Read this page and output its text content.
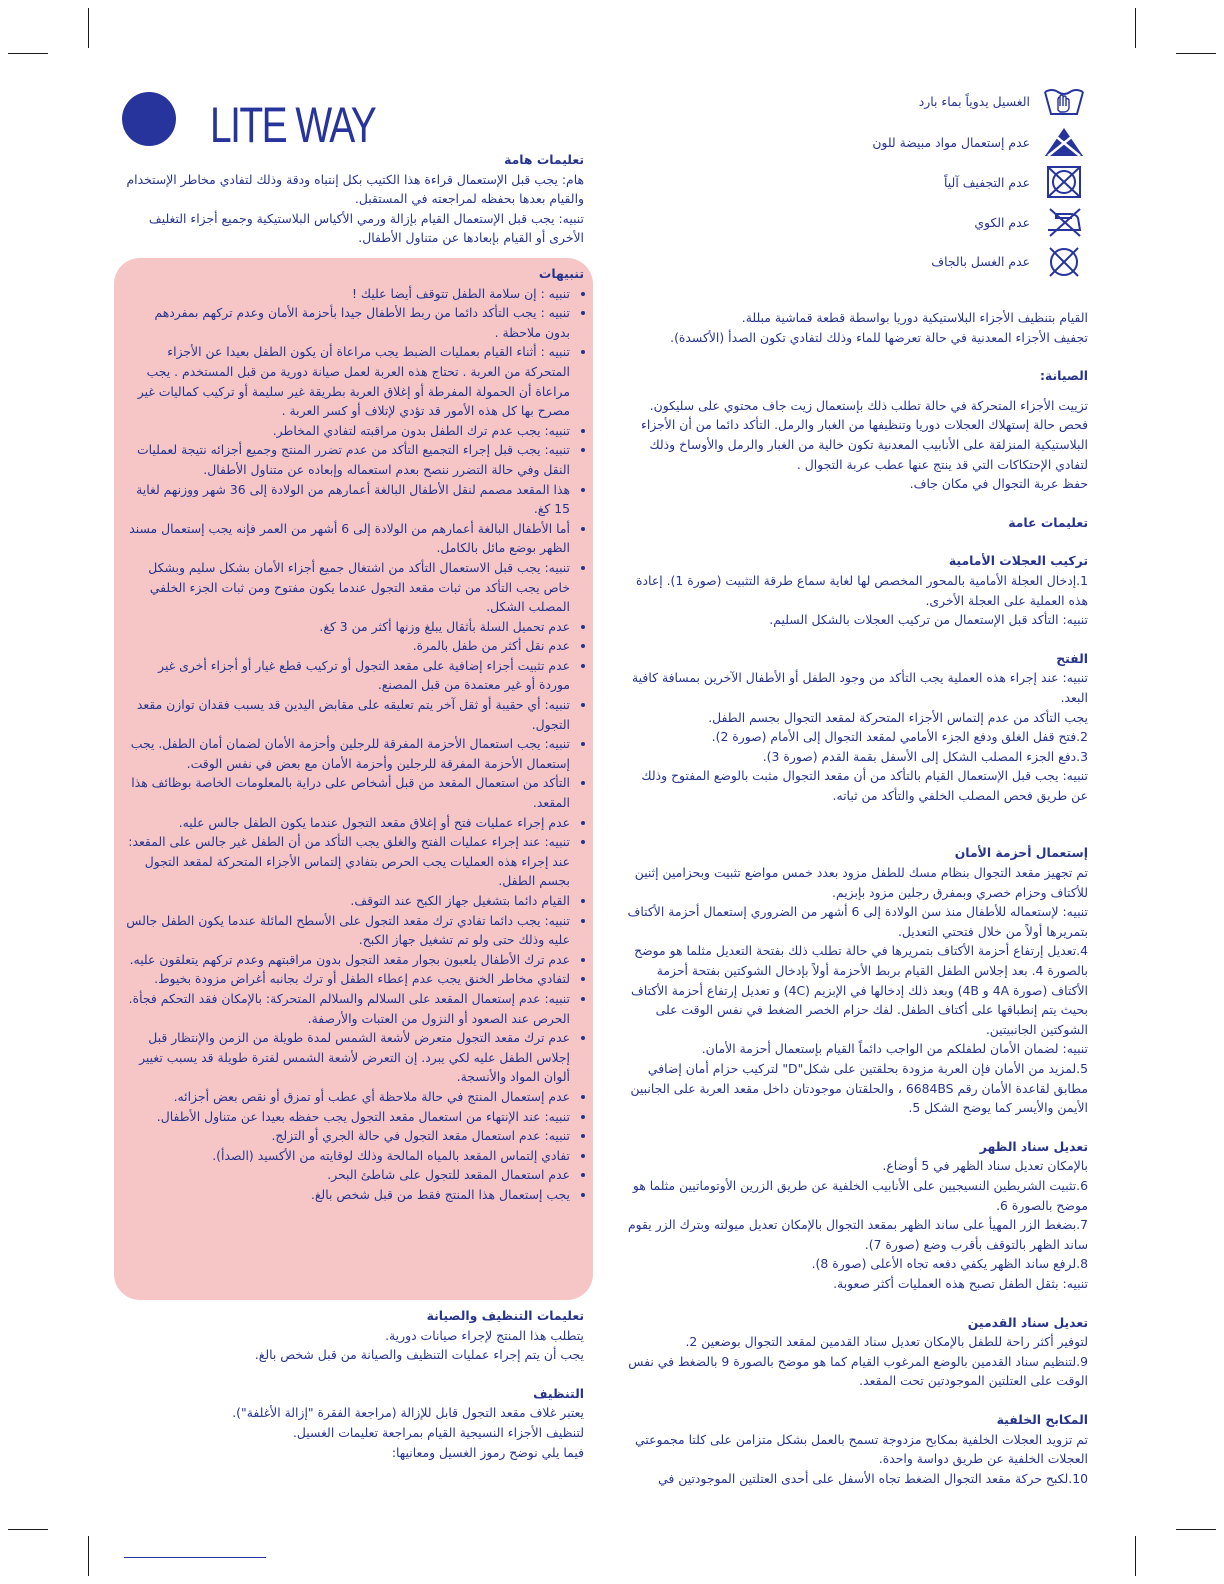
LITE WAY

تعليمات هامة

هام: يجب قبل الإستعمال قراءة هذا الكتيب بكل إنتباه ودقة وذلك لتفادي مخاطر الإستخدام والقيام بعدها بحفظه لمراجعته في المستقبل.

تنبيه: يجب قبل الإستعمال القيام بإزالة ورمي الأكياس البلاستيكية وجميع أجزاء التغليف الأخرى أو القيام بإبعادها عن متناول الأطفال.

تنبيهات

• تنبيه : إن سلامة الطفل تتوقف أيضا عليك !
• تنبيه : يجب التأكد دائما من ربط الأطفال جيدا بأحزمة الأمان وعدم تركهم بمفردهم بدون ملاحظة .
• تنبيه : أثناء القيام بعمليات الضبط يجب مراعاة أن يكون الطفل بعيدا عن الأجزاء المتحركة من العربة . تحتاج هذه العربة لعمل صيانة دورية من قبل المستخدم . يجب مراعاة أن الحمولة المفرطة أو إغلاق العربة بطريقة غير سليمة أو تركيب كماليات غير مصرح بها كل هذه الأمور قد تؤدي لإتلاف أو كسر العربة .
• تنبيه: يجب عدم ترك الطفل بدون مراقبته لتفادي المخاطر.
• تنبيه: يجب قبل إجراء التجميع التأكد من عدم تضرر المنتج وجميع أجزائه نتيجة لعمليات النقل وفي حالة التضرر ننصح بعدم استعماله وإبعاده عن متناول الأطفال.
• هذا المقعد مصمم لنقل الأطفال البالغة أعمارهم من الولادة إلى 36 شهر ووزنهم لغاية 15 كغ.
• أما الأطفال البالغة أعمارهم من الولادة إلى 6 أشهر من العمر فإنه يجب إستعمال مسند الظهر بوضع مائل بالكامل.
• تنبيه: يجب قبل الاستعمال التأكد من اشتغال جميع أجزاء الأمان بشكل سليم وبشكل خاص يجب التأكد من ثبات مقعد التجول عندما يكون مفتوح ومن ثبات الجزء الخلفي المصلب الشكل.
• عدم تحميل السلة بأثقال يبلغ وزنها أكثر من 3 كغ.
• عدم نقل أكثر من طفل بالمرة.
• عدم تثبيت أجزاء إضافية على مقعد التجول أو تركيب قطع غيار أو أجزاء أخرى غير موردة أو غير معتمدة من قبل المصنع.
• تنبيه: أي حقيبة أو ثقل آخر يتم تعليقه على مقابض اليدين قد يسبب فقدان توازن مقعد التجول.
• تنبيه: يجب استعمال الأحزمة المفرقة للرجلين وأحزمة الأمان لضمان أمان الطفل. يجب إستعمال الأحزمة المفرقة للرجلين وأحزمة الأمان مع بعض في نفس الوقت.
• التأكد من استعمال المقعد من قبل أشخاص على دراية بالمعلومات الخاصة بوظائف هذا المقعد.
• عدم إجراء عمليات فتح أو إغلاق مقعد التجول عندما يكون الطفل جالس عليه.
• تنبيه: عند إجراء عمليات الفتح والغلق يجب التأكد من أن الطفل غير جالس على المقعد: عند إجراء هذه العمليات يجب الحرص بتفادي إلتماس الأجزاء المتحركة لمقعد التجول بجسم الطفل.
• القيام دائما بتشغيل جهاز الكبح عند التوقف.
• تنبيه: يجب دائما تفادي ترك مقعد التجول على الأسطح المائلة عندما يكون الطفل جالس عليه وذلك حتى ولو تم تشغيل جهاز الكبح.
• عدم ترك الأطفال يلعبون بجوار مقعد التجول بدون مراقبتهم وعدم تركهم يتعلقون عليه.
• لتفادي مخاطر الخنق يجب عدم إعطاء الطفل أو ترك بجانبه أغراض مزودة بخيوط.
• تنبيه: عدم إستعمال المقعد على السلالم والسلالم المتحركة: بالإمكان فقد التحكم فجأة. الحرص عند الصعود أو النزول من العتبات والأرصفة.
• عدم ترك مقعد التجول متعرض لأشعة الشمس لمدة طويلة من الزمن والإنتظار قبل إجلاس الطفل عليه لكي يبرد. إن التعرض لأشعة الشمس لفترة طويلة قد يسبب تغيير ألوان المواد والأنسجة.
• عدم إستعمال المنتج في حالة ملاحظة أي عطب أو تمزق أو نقص بعض أجزائه.
• تنبيه: عند الإنتهاء من استعمال مقعد التجول يجب حفظه بعيدا عن متناول الأطفال.
• تنبيه: عدم استعمال مقعد التجول في حالة الجري أو التزلج.
• تفادي إلتماس المقعد بالمياه المالحة وذلك لوقايته من الأكسيد (الصدأ).
• عدم استعمال المقعد للتجول على شاطئ البحر.
• يجب إستعمال هذا المنتج فقط من قبل شخص بالغ.

تعليمات التنظيف والصيانة

يتطلب هذا المنتج لإجراء صيانات دورية.

يجب أن يتم إجراء عمليات التنظيف والصيانة من قبل شخص بالغ.

التنظيف

يعتبر غلاف مقعد التجول قابل للإزالة (مراجعة الفقرة "إزالة الأغلفة").

لتنظيف الأجزاء النسيجية القيام بمراجعة تعليمات الغسيل.

فيما يلي نوضح رموز الغسيل ومعانيها:

الغسيل يدوياً بماء بارد
عدم إستعمال مواد مبيضة للون
عدم التجفيف آلياً
عدم الكوي
عدم الغسل بالجاف

القيام بتنظيف الأجزاء البلاستيكية دوريا بواسطة قطعة قماشية مبللة.

تجفيف الأجزاء المعدنية في حالة تعرضها للماء وذلك لتفادي تكون الصدأ (الأكسدة).

الصيانة:

تزييت الأجزاء المتحركة في حالة تطلب ذلك بإستعمال زيت جاف محتوي على سليكون. فحص حالة إستهلاك العجلات دوريا وتنظيفها من الغبار والرمل. التأكد دائما من أن الأجزاء البلاستيكية المنزلقة على الأنابيب المعدنية تكون خالية من الغبار والرمل والأوساخ وذلك لتفادي الإحتكاكات التي قد ينتج عنها عطب عربة التجوال .

حفظ عربة التجوال في مكان جاف.

تعليمات عامة

تركيب العجلات الأمامية

1.إدخال العجلة الأمامية بالمحور المخصص لها لغاية سماع طرقة التثبيت (صورة 1). إعادة هذه العملية على العجلة الأخرى.

تنبيه: التأكد قبل الإستعمال من تركيب العجلات بالشكل السليم.

الفتح

تنبيه: عند إجراء هذه العملية يجب التأكد من وجود الطفل أو الأطفال الآخرين بمسافة كافية البعد.

يجب التأكد من عدم إلتماس الأجزاء المتحركة لمقعد التجوال بجسم الطفل.

2.فتح قفل الغلق ودفع الجزء الأمامي لمقعد التجوال إلى الأمام (صورة 2).

3.دفع الجزء المصلب الشكل إلى الأسفل بقمة القدم (صورة 3).

تنبيه: يجب قبل الإستعمال القيام بالتأكد من أن مقعد التجوال مثبت بالوضع المفتوح وذلك عن طريق فحص المصلب الخلفي والتأكد من ثباته.

إستعمال أحزمة الأمان

تم تجهيز مقعد التجوال بنظام مسك للطفل مزود بعدد خمس مواضع تثبيت وبحزامين إثنين للأكتاف وحزام خصري وبمفرق رجلين مزود بإبزيم.

تنبيه: لإستعماله للأطفال منذ سن الولادة إلى 6 أشهر من الضروري إستعمال أحزمة الأكتاف بتمريرها أولاً من خلال فتحتي التعديل.

4.تعديل إرتفاع أحزمة الأكتاف بتمريرها في حالة تطلب ذلك بفتحة التعديل مثلما هو موضح بالصورة 4. بعد إجلاس الطفل القيام بربط الأحزمة أولاً بإدخال الشوكتين بفتحة أحزمة الأكتاف (صورة 4A و 4B) وبعد ذلك إدخالها في الإبزيم (4C) و تعديل إرتفاع أحزمة الأكتاف بحيث يتم إنطباقها على أكتاف الطفل. لفك حزام الخصر الضغط في نفس الوقت على الشوكتين الجانبيتين.

تنبيه: لضمان الأمان لطفلكم من الواجب دائماً القيام بإستعمال أحزمة الأمان.

5.لمزيد من الأمان فإن العربة مزودة بحلقتين على شكل"D" لتركيب حزام أمان إضافي مطابق لقاعدة الأمان رقم 6684BS ، والحلقتان موجودتان داخل مقعد العربة على الجانبين الأيمن والأيسر كما يوضح الشكل 5.

تعديل سناد الظهر

بالإمكان تعديل سناد الظهر في 5 أوضاع.

6.تثبيت الشريطين النسيجيين على الأنابيب الخلفية عن طريق الزرين الأوتوماتيين مثلما هو موضح بالصورة 6.

7.بضغط الزر المهيأ على ساند الظهر بمقعد التجوال بالإمكان تعديل ميولته وبترك الزر يقوم ساند الظهر بالتوقف بأقرب وضع (صورة 7).

8.لرفع ساند الظهر يكفي دفعه تجاه الأعلى (صورة 8).

تنبيه: بثقل الطفل تصبح هذه العمليات أكثر صعوبة.

تعديل سناد القدمين

لتوفير أكثر راحة للطفل بالإمكان تعديل سناد القدمين لمقعد التجوال بوضعين 2.

9.لتنظيم سناد القدمين بالوضع المرغوب القيام كما هو موضح بالصورة 9 بالضغط في نفس الوقت على العتلتين الموجودتين تحت المقعد.

المكابح الخلفية

تم تزويد العجلات الخلفية بمكابح مزدوجة تسمح بالعمل بشكل متزامن على كلتا مجموعتي العجلات الخلفية عن طريق دواسة واحدة.

10.لكبح حركة مقعد التجوال الضغط تجاه الأسفل على أحدى العتلتين الموجودتين في
